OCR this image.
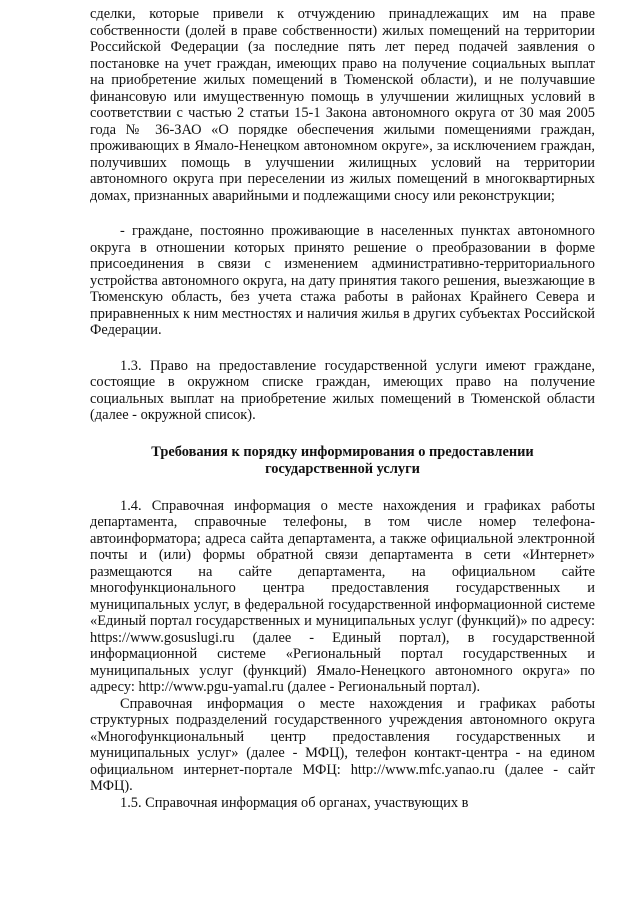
сделки, которые привели к отчуждению принадлежащих им на праве собственности (долей в праве собственности) жилых помещений на территории Российской Федерации (за последние пять лет перед подачей заявления о постановке на учет граждан, имеющих право на получение социальных выплат на приобретение жилых помещений в Тюменской области), и не получавшие финансовую или имущественную помощь в улучшении жилищных условий в соответствии с частью 2 статьи 15-1 Закона автономного округа от 30 мая 2005 года № 36-ЗАО «О порядке обеспечения жилыми помещениями граждан, проживающих в Ямало-Ненецком автономном округе», за исключением граждан, получивших помощь в улучшении жилищных условий на территории автономного округа при переселении из жилых помещений в многоквартирных домах, признанных аварийными и подлежащими сносу или реконструкции;

- граждане, постоянно проживающие в населенных пунктах автономного округа в отношении которых принято решение о преобразовании в форме присоединения в связи с изменением административно-территориального устройства автономного округа, на дату принятия такого решения, выезжающие в Тюменскую область, без учета стажа работы в районах Крайнего Севера и приравненных к ним местностях и наличия жилья в других субъектах Российской Федерации.

1.3. Право на предоставление государственной услуги имеют граждане, состоящие в окружном списке граждан, имеющих право на получение социальных выплат на приобретение жилых помещений в Тюменской области (далее - окружной список).

Требования к порядку информирования о предоставлении
государственной услуги

1.4. Справочная информация о месте нахождения и графиках работы департамента, справочные телефоны, в том числе номер телефона-автоинформатора; адреса сайта департамента, а также официальной электронной почты и (или) формы обратной связи департамента в сети «Интернет» размещаются на сайте департамента, на официальном сайте многофункционального центра предоставления государственных и муниципальных услуг, в федеральной государственной информационной системе «Единый портал государственных и муниципальных услуг (функций)» по адресу: https://www.gosuslugi.ru (далее - Единый портал), в государственной информационной системе «Региональный портал государственных и муниципальных услуг (функций) Ямало-Ненецкого автономного округа» по адресу: http://www.pgu-yamal.ru (далее - Региональный портал).

Справочная информация о месте нахождения и графиках работы структурных подразделений государственного учреждения автономного округа «Многофункциональный центр предоставления государственных и муниципальных услуг» (далее - МФЦ), телефон контакт-центра - на едином официальном интернет-портале МФЦ: http://www.mfc.yanao.ru (далее - сайт МФЦ).

1.5. Справочная информация об органах, участвующих в
